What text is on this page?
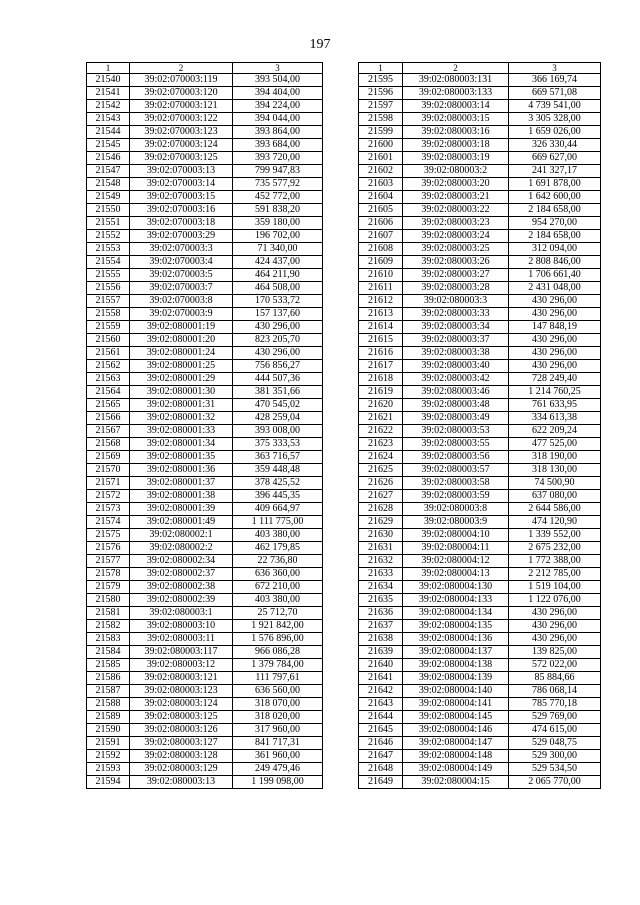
197
1	2	3
21540	39:02:070003:119	393 504,00
21541	39:02:070003:120	394 404,00
21542	39:02:070003:121	394 224,00
21543	39:02:070003:122	394 044,00
21544	39:02:070003:123	393 864,00
21545	39:02:070003:124	393 684,00
21546	39:02:070003:125	393 720,00
21547	39:02:070003:13	799 947,83
21548	39:02:070003:14	735 577,92
21549	39:02:070003:15	452 772,00
21550	39:02:070003:16	591 838,20
21551	39:02:070003:18	359 180,00
21552	39:02:070003:29	196 702,00
21553	39:02:070003:3	71 340,00
21554	39:02:070003:4	424 437,00
21555	39:02:070003:5	464 211,90
21556	39:02:070003:7	464 508,00
21557	39:02:070003:8	170 533,72
21558	39:02:070003:9	157 137,60
21559	39:02:080001:19	430 296,00
21560	39:02:080001:20	823 205,70
21561	39:02:080001:24	430 296,00
21562	39:02:080001:25	756 856,27
21563	39:02:080001:29	444 507,36
21564	39:02:080001:30	381 351,66
21565	39:02:080001:31	470 545,02
21566	39:02:080001:32	428 259,04
21567	39:02:080001:33	393 008,00
21568	39:02:080001:34	375 333,53
21569	39:02:080001:35	363 716,57
21570	39:02:080001:36	359 448,48
21571	39:02:080001:37	378 425,52
21572	39:02:080001:38	396 445,35
21573	39:02:080001:39	409 664,97
21574	39:02:080001:49	1 111 775,00
21575	39:02:080002:1	403 380,00
21576	39:02:080002:2	462 179,85
21577	39:02:080002:34	22 736,80
21578	39:02:080002:37	636 360,00
21579	39:02:080002:38	672 210,00
21580	39:02:080002:39	403 380,00
21581	39:02:080003:1	25 712,70
21582	39:02:080003:10	1 921 842,00
21583	39:02:080003:11	1 576 896,00
21584	39:02:080003:117	966 086,28
21585	39:02:080003:12	1 379 784,00
21586	39:02:080003:121	111 797,61
21587	39:02:080003:123	636 560,00
21588	39:02:080003:124	318 070,00
21589	39:02:080003:125	318 020,00
21590	39:02:080003:126	317 960,00
21591	39:02:080003:127	841 717,31
21592	39:02:080003:128	361 960,00
21593	39:02:080003:129	249 479,46
21594	39:02:080003:13	1 199 098,00
1	2	3
21595	39:02:080003:131	366 169,74
21596	39:02:080003:133	669 571,08
21597	39:02:080003:14	4 739 541,00
21598	39:02:080003:15	3 305 328,00
21599	39:02:080003:16	1 659 026,00
21600	39:02:080003:18	326 330,44
21601	39:02:080003:19	669 627,00
21602	39:02:080003:2	241 327,17
21603	39:02:080003:20	1 691 878,00
21604	39:02:080003:21	1 642 600,00
21605	39:02:080003:22	2 184 658,00
21606	39:02:080003:23	954 270,00
21607	39:02:080003:24	2 184 658,00
21608	39:02:080003:25	312 094,00
21609	39:02:080003:26	2 808 846,00
21610	39:02:080003:27	1 706 661,40
21611	39:02:080003:28	2 431 048,00
21612	39:02:080003:3	430 296,00
21613	39:02:080003:33	430 296,00
21614	39:02:080003:34	147 848,19
21615	39:02:080003:37	430 296,00
21616	39:02:080003:38	430 296,00
21617	39:02:080003:40	430 296,00
21618	39:02:080003:42	728 249,40
21619	39:02:080003:46	1 214 760,25
21620	39:02:080003:48	761 633,95
21621	39:02:080003:49	334 613,38
21622	39:02:080003:53	622 209,24
21623	39:02:080003:55	477 525,00
21624	39:02:080003:56	318 190,00
21625	39:02:080003:57	318 130,00
21626	39:02:080003:58	74 500,90
21627	39:02:080003:59	637 080,00
21628	39:02:080003:8	2 644 586,00
21629	39:02:080003:9	474 120,90
21630	39:02:080004:10	1 339 552,00
21631	39:02:080004:11	2 675 232,00
21632	39:02:080004:12	1 772 388,00
21633	39:02:080004:13	2 212 785,00
21634	39:02:080004:130	1 519 104,00
21635	39:02:080004:133	1 122 076,00
21636	39:02:080004:134	430 296,00
21637	39:02:080004:135	430 296,00
21638	39:02:080004:136	430 296,00
21639	39:02:080004:137	139 825,00
21640	39:02:080004:138	572 022,00
21641	39:02:080004:139	85 884,66
21642	39:02:080004:140	786 068,14
21643	39:02:080004:141	785 770,18
21644	39:02:080004:145	529 769,00
21645	39:02:080004:146	474 615,00
21646	39:02:080004:147	529 048,75
21647	39:02:080004:148	529 300,00
21648	39:02:080004:149	529 534,50
21649	39:02:080004:15	2 065 770,00
